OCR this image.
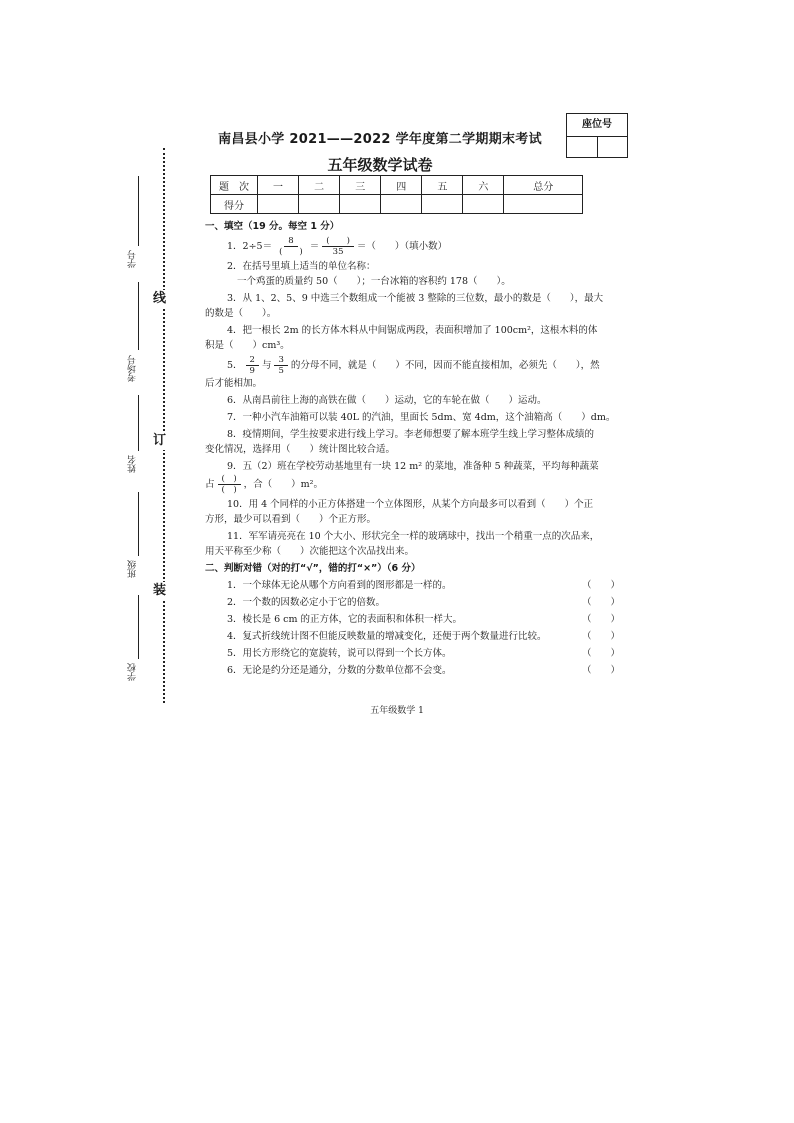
线
订
装
学号
考场号
姓名
班级
学校
座位号
南昌县小学 2021——2022 学年度第二学期期末考试
五年级数学试卷
题　次	一	二	三	四	五	六	总分
得分							
一、填空（19 分。每空 1 分）
1．$2\div 5= \frac{8}{( )} = \frac{( )}{35}$ ＝（　　）（填小数）
2．在括号里填上适当的单位名称：
一个鸡蛋的质量约 50（　　）；一台冰箱的容积约 178（　　）。
3．从 1、2、5、9 中选三个数组成一个能被 3 整除的三位数，最小的数是（　　），最大
的数是（　　）。
4．把一根长 2m 的长方体木料从中间锯成两段，表面积增加了 100cm²，这根木料的体
积是（　　）cm³。
5． $\frac{2}{9}$ 与 $\frac{3}{5}$ 的分母不同，就是（　　）不同，因而不能直接相加，必须先（　　），然
后才能相加。
6．从南昌前往上海的高铁在做（　　）运动，它的车轮在做（　　）运动。
7．一种小汽车油箱可以装 40L 的汽油，里面长 5dm、宽 4dm，这个油箱高（　　）dm。
8．疫情期间，学生按要求进行线上学习。李老师想要了解本班学生线上学习整体成绩的
变化情况，选择用（　　）统计图比较合适。
9．五（2）班在学校劳动基地里有一块 12 m² 的菜地，准备种 5 种蔬菜，平均每种蔬菜
占 $\frac{( )}{( )}$ ，合（　　）m²。
10．用 4 个同样的小正方体搭建一个立体图形，从某个方向最多可以看到（　　）个正
方形，最少可以看到（　　）个正方形。
11．军军请亮亮在 10 个大小、形状完全一样的玻璃球中，找出一个稍重一点的次品来，
用天平称至少称（　　）次能把这个次品找出来。
二、判断对错（对的打“√”，错的打“×”）（6 分）
1．一个球体无论从哪个方向看到的图形都是一样的。	（　　）
2．一个数的因数必定小于它的倍数。	（　　）
3．棱长是 6 cm 的正方体，它的表面积和体积一样大。	（　　）
4．复式折线统计图不但能反映数量的增减变化，还便于两个数量进行比较。	（　　）
5．用长方形绕它的宽旋转，说可以得到一个长方体。	（　　）
6．无论是约分还是通分，分数的分数单位都不会变。	（　　）
五年级数学 1
